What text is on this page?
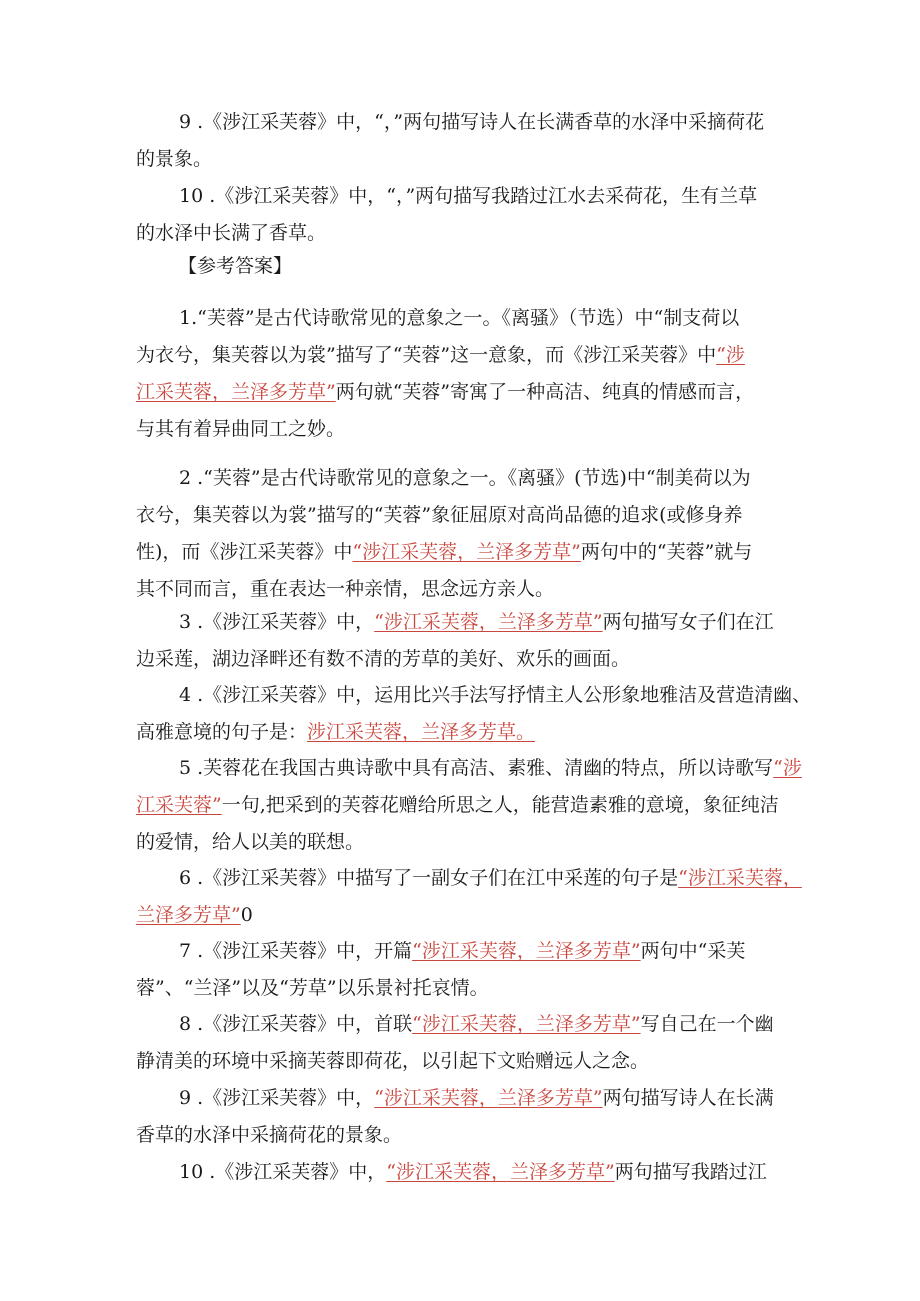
9 .《涉江采芙蓉》中，“，”两句描写诗人在长满香草的水泽中采摘荷花
的景象。
10 .《涉江采芙蓉》中，“，”两句描写我踏过江水去采荷花，生有兰草
的水泽中长满了香草。
【参考答案】
1.“芙蓉”是古代诗歌常见的意象之一。《离骚》（节选）中“制支荷以
为衣兮，集芙蓉以为裳”描写了“芙蓉”这一意象，而《涉江采芙蓉》中“涉
江采芙蓉，兰泽多芳草”两句就“芙蓉”寄寓了一种高洁、纯真的情感而言，
与其有着异曲同工之妙。
2 .“芙蓉”是古代诗歌常见的意象之一。《离骚》(节选)中“制美荷以为
衣兮，集芙蓉以为裳”描写的“芙蓉”象征屈原对高尚品德的追求(或修身养
性)，而《涉江采芙蓉》中“涉江采芙蓉，兰泽多芳草”两句中的“芙蓉”就与
其不同而言，重在表达一种亲情，思念远方亲人。
3 .《涉江采芙蓉》中，“涉江采芙蓉，兰泽多芳草”两句描写女子们在江
边采莲，湖边泽畔还有数不清的芳草的美好、欢乐的画面。
4 .《涉江采芙蓉》中，运用比兴手法写抒情主人公形象地雅洁及营造清幽、
高雅意境的句子是：涉江采芙蓉，兰泽多芳草。
5 .芙蓉花在我国古典诗歌中具有高洁、素雅、清幽的特点，所以诗歌写“涉
江采芙蓉”一句,把采到的芙蓉花赠给所思之人，能营造素雅的意境，象征纯洁
的爱情，给人以美的联想。
6 .《涉江采芙蓉》中描写了一副女子们在江中采莲的句子是“涉江采芙蓉，
兰泽多芳草”0
7 .《涉江采芙蓉》中，开篇“涉江采芙蓉，兰泽多芳草”两句中“采芙
蓉”、“兰泽”以及“芳草”以乐景衬托哀情。
8 .《涉江采芙蓉》中，首联“涉江采芙蓉，兰泽多芳草”写自己在一个幽
静清美的环境中采摘芙蓉即荷花，以引起下文贻赠远人之念。
9 .《涉江采芙蓉》中，“涉江采芙蓉，兰泽多芳草”两句描写诗人在长满
香草的水泽中采摘荷花的景象。
10 .《涉江采芙蓉》中，“涉江采芙蓉，兰泽多芳草”两句描写我踏过江
